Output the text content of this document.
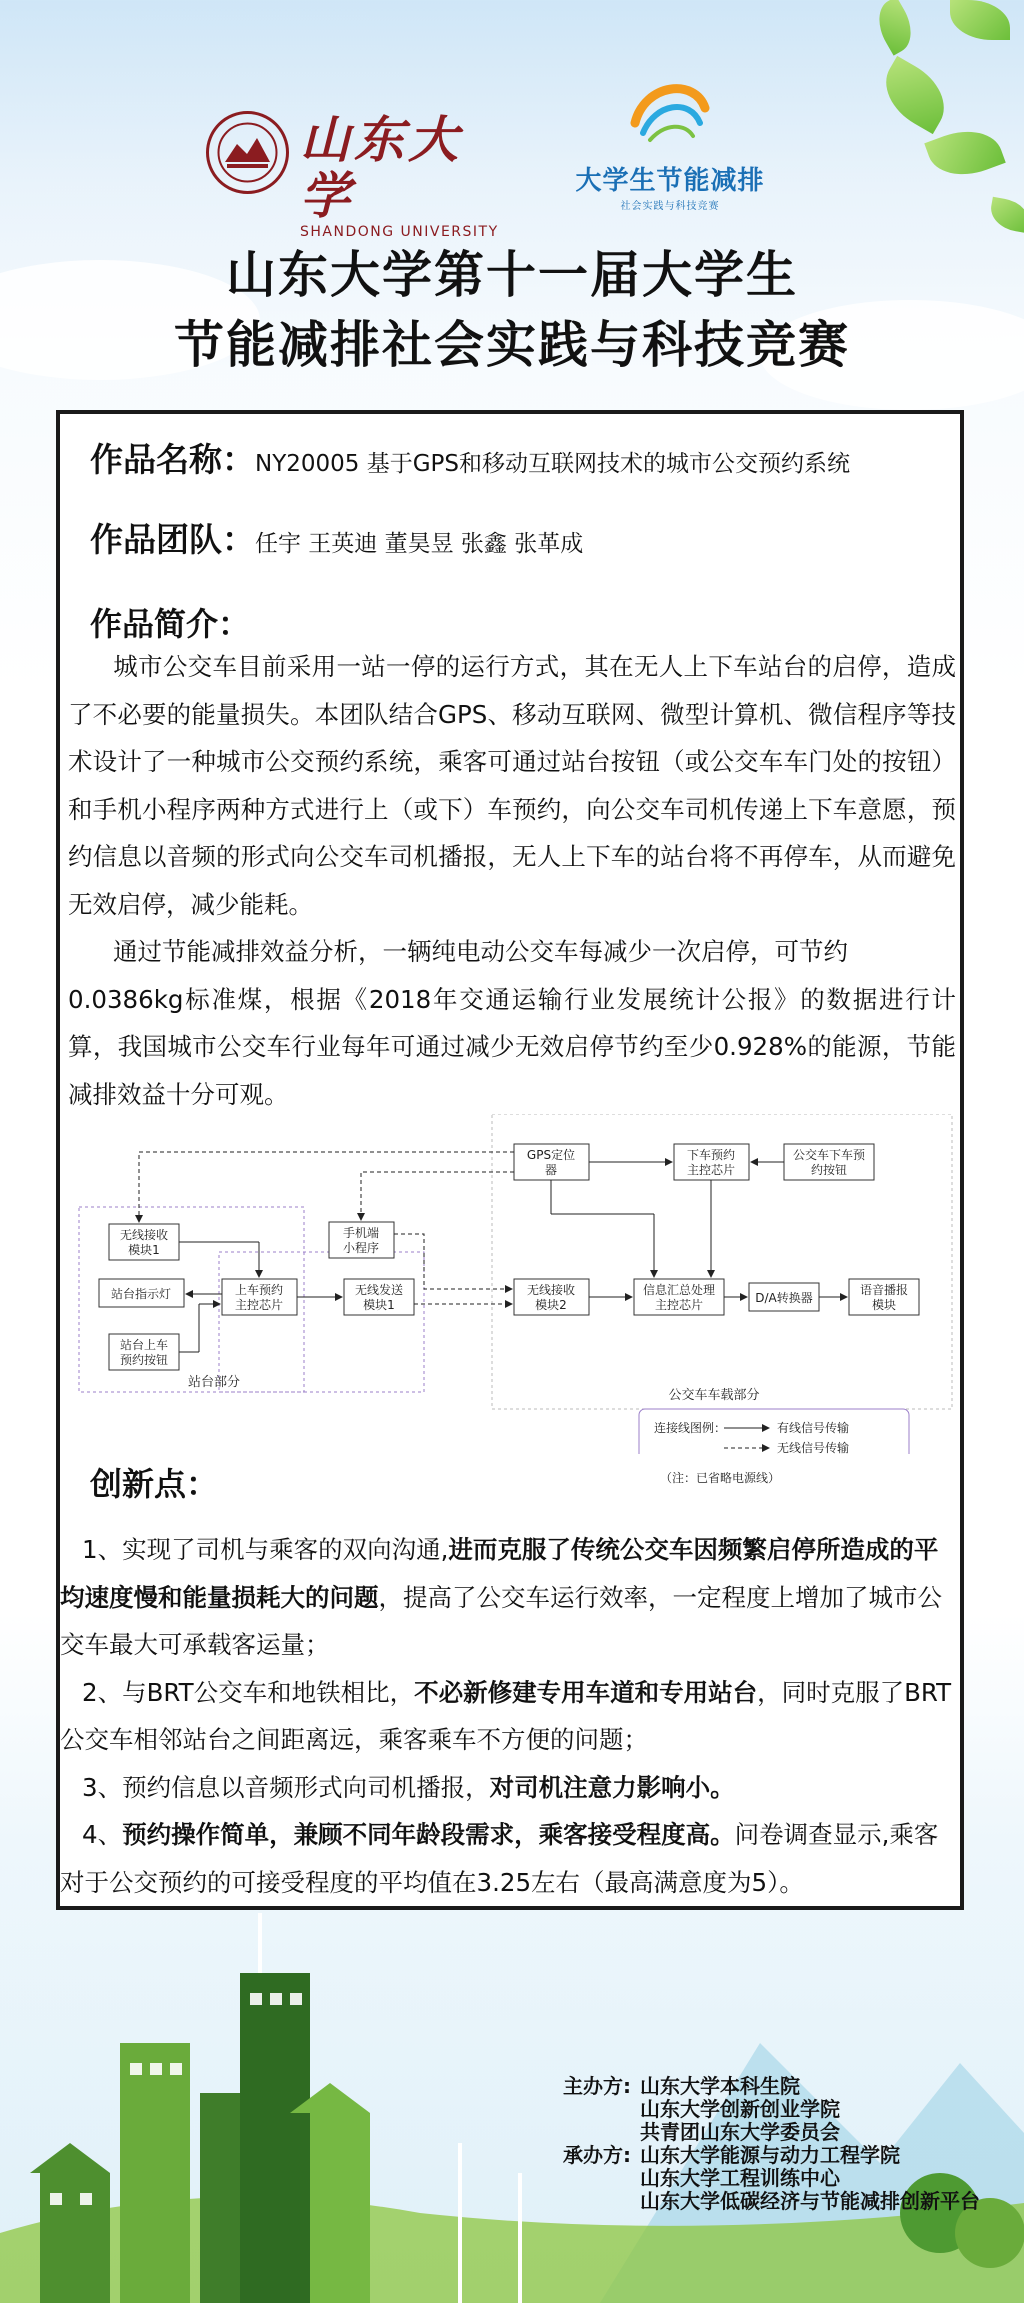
山东大学
SHANDONG UNIVERSITY
大学生节能减排
社会实践与科技竞赛
山东大学第十一届大学生
节能减排社会实践与科技竞赛
作品名称：NY20005 基于GPS和移动互联网技术的城市公交预约系统
作品团队：任宇 王英迪 董昊昱 张鑫 张革成
作品简介：

城市公交车目前采用一站一停的运行方式，其在无人上下车站台的启停，造成了不必要的能量损失。本团队结合GPS、移动互联网、微型计算机、微信程序等技术设计了一种城市公交预约系统，乘客可通过站台按钮（或公交车车门处的按钮）和手机小程序两种方式进行上（或下）车预约，向公交车司机传递上下车意愿，预约信息以音频的形式向公交车司机播报，无人上下车的站台将不再停车，从而避免无效启停，减少能耗。

通过节能减排效益分析，一辆纯电动公交车每减少一次启停，可节约

0.0386kg标准煤，根据《2018年交通运输行业发展统计公报》的数据进行计算，我国城市公交车行业每年可通过减少无效启停节约至少0.928%的能源，节能减排效益十分可观。

GPS定位
器
下车预约
主控芯片
公交车下车预
约按钮
手机端
小程序
无线接收
模块1
站台指示灯	上车预约
主控芯片
无线发送
模块1
无线接收
模块2
信息汇总处理
主控芯片	D/A转换器
语音播报
模块
站台上车
预约按钮
站台部分
公交车车载部分
连接线图例：	有线信号传输
无线信号传输
（注：已省略电源线）
创新点：

1、实现了司机与乘客的双向沟通,进而克服了传统公交车因频繁启停所造成的平均速度慢和能量损耗大的问题，提高了公交车运行效率，一定程度上增加了城市公交车最大可承载客运量；

2、与BRT公交车和地铁相比，不必新修建专用车道和专用站台，同时克服了BRT公交车相邻站台之间距离远，乘客乘车不方便的问题；

3、预约信息以音频形式向司机播报，对司机注意力影响小。

4、预约操作简单，兼顾不同年龄段需求，乘客接受程度高。问卷调查显示,乘客对于公交预约的可接受程度的平均值在3.25左右（最高满意度为5）。

主办方: 山东大学本科生院
山东大学创新创业学院
共青团山东大学委员会
承办方: 山东大学能源与动力工程学院
山东大学工程训练中心
山东大学低碳经济与节能减排创新平台
